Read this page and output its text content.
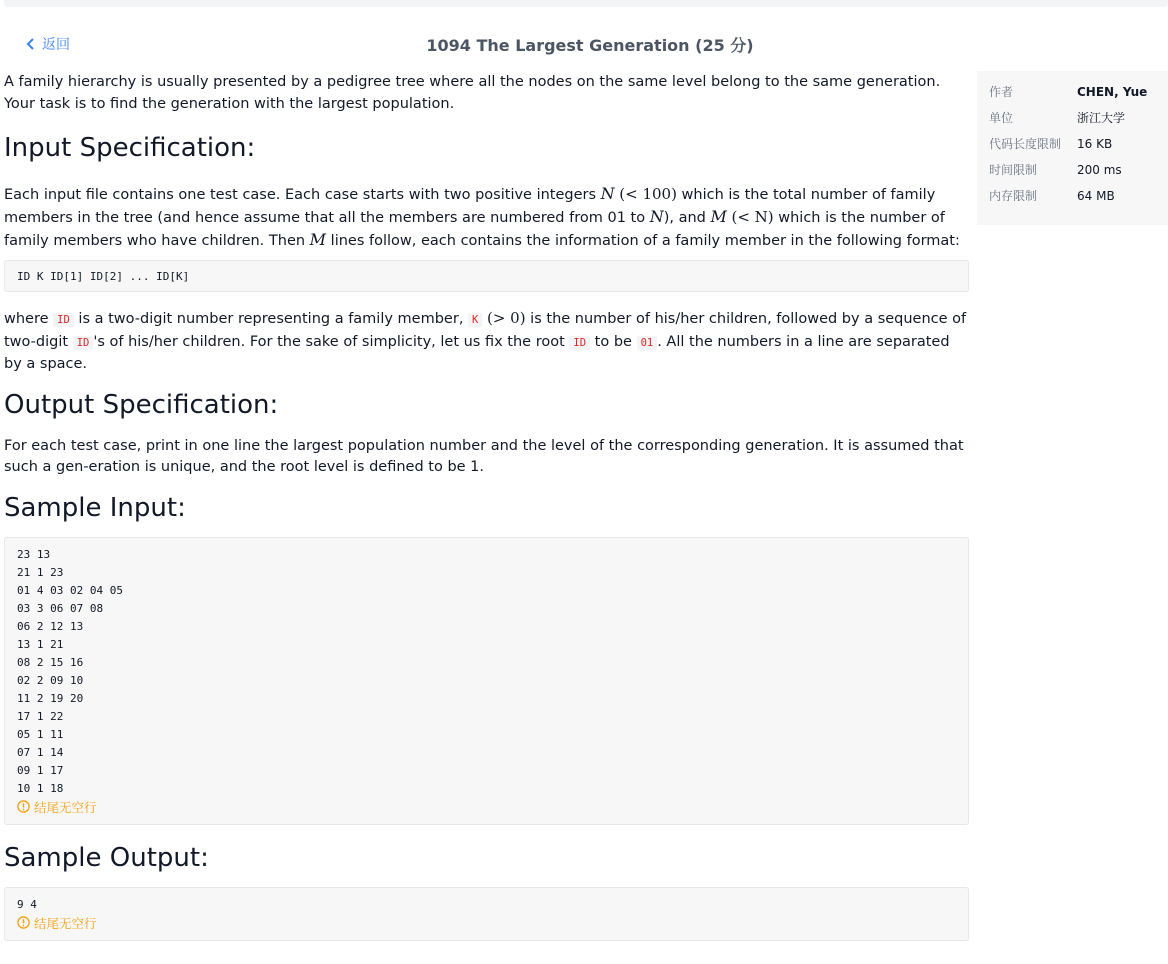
返回	1094 The Largest Generation (25 分)

A family hierarchy is usually presented by a pedigree tree where all the nodes on the same level belong to the same generation. Your task is to find the generation with the largest population.

Input Specification:

Each input file contains one test case. Each case starts with two positive integers N (< 100) which is the total number of family members in the tree (and hence assume that all the members are numbered from 01 to N), and M (< N) which is the number of family members who have children. Then M lines follow, each contains the information of a family member in the following format:

ID K ID[1] ID[2] ... ID[K]

where ID is a two-digit number representing a family member, K (> 0) is the number of his/her children, followed by a sequence of two-digit ID 's of his/her children. For the sake of simplicity, let us fix the root ID to be 01 . All the numbers in a line are separated by a space.

Output Specification:

For each test case, print in one line the largest population number and the level of the corresponding generation. It is assumed that such a gen-eration is unique, and the root level is defined to be 1.

Sample Input:
23 13
21 1 23
01 4 03 02 04 05
03 3 06 07 08
06 2 12 13
13 1 21
08 2 15 16
02 2 09 10
11 2 19 20
17 1 22
05 1 11
07 1 14
09 1 17
10 1 18
结尾无空行
Sample Output:
9 4
结尾无空行
作者	CHEN, Yue
单位	浙江大学
代码长度限制	16 KB
时间限制	200 ms
内存限制	64 MB
